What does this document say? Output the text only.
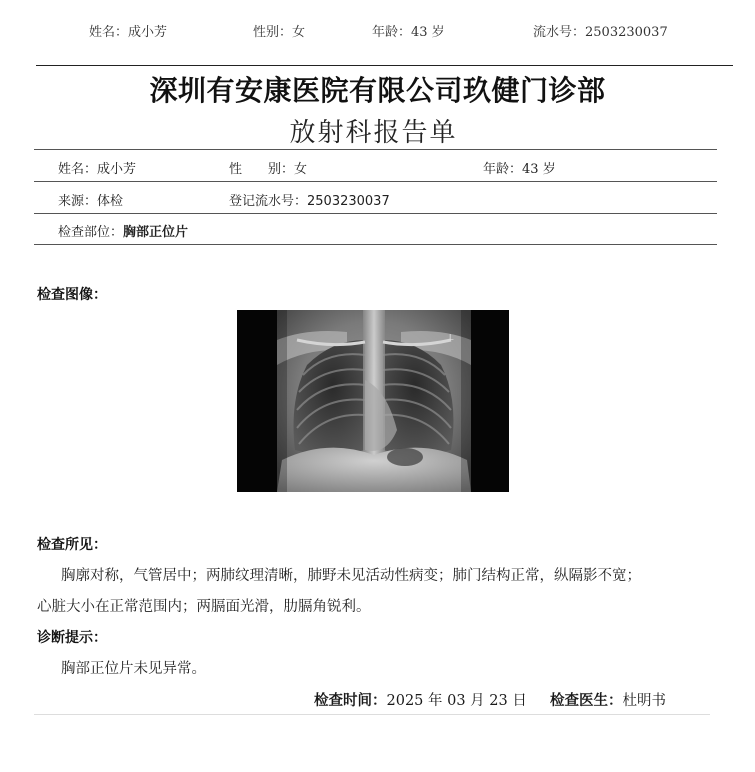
姓名：成小芳	性别：女	年龄：43 岁	流水号：2503230037
深圳有安康医院有限公司玖健门诊部
放射科报告单
姓名：成小芳	性　　别：女	年龄：43 岁
来源：体检	登记流水号：2503230037
检查部位：胸部正位片
检查图像：
L
检查所见：
胸廓对称，气管居中；两肺纹理清晰，肺野未见活动性病变；肺门结构正常，纵隔影不宽；
心脏大小在正常范围内；两膈面光滑，肋膈角锐利。
诊断提示：
胸部正位片未见异常。
检查时间：2025 年 03 月 23 日 检查医生：杜明书
